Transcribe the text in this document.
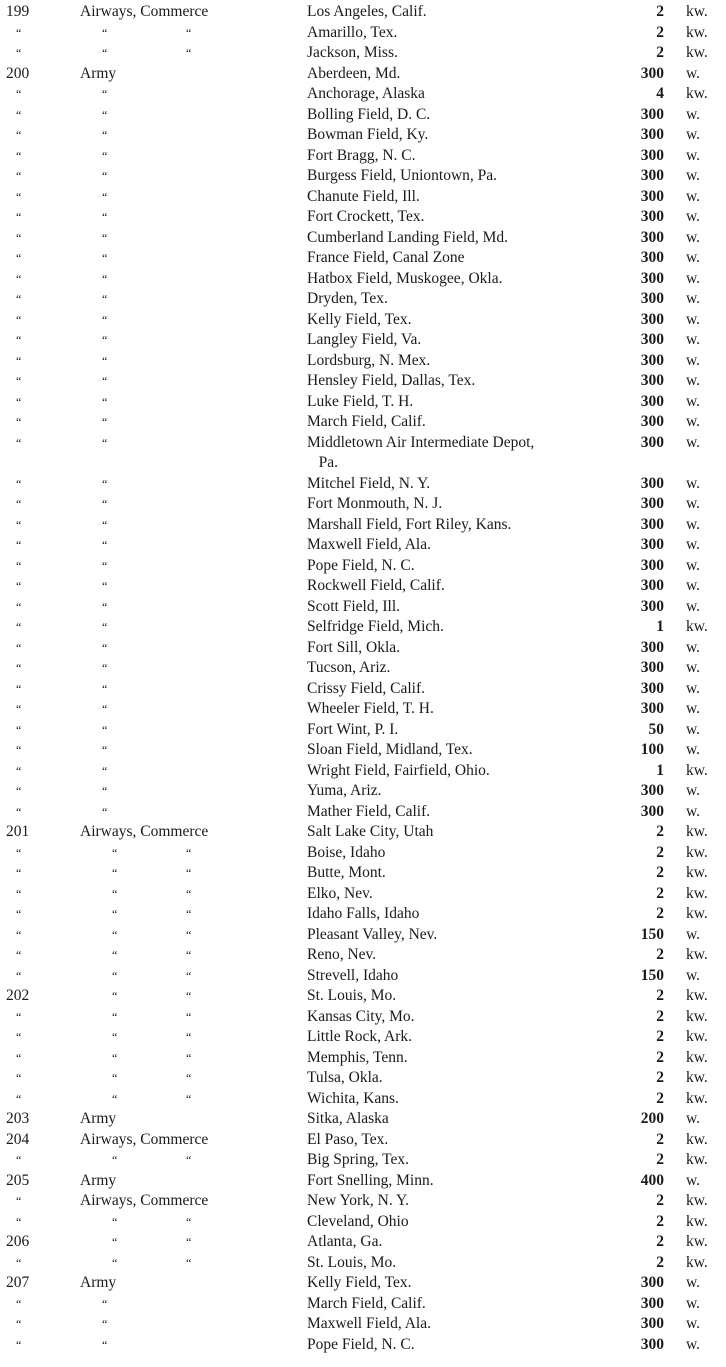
199	Airways, Commerce	Los Angeles, Calif.	2 kw.
“	“	“	Amarillo, Tex.	2 kw.
“	“	“	Jackson, Miss.	2 kw.
200	Army	Aberdeen, Md.	300 w.
“	“	Anchorage, Alaska	4 kw.
“	“	Bolling Field, D. C.	300 w.
“	“	Bowman Field, Ky.	300 w.
“	“	Fort Bragg, N. C.	300 w.
“	“	Burgess Field, Uniontown, Pa.	300 w.
“	“	Chanute Field, Ill.	300 w.
“	“	Fort Crockett, Tex.	300 w.
“	“	Cumberland Landing Field, Md.	300 w.
“	“	France Field, Canal Zone	300 w.
“	“	Hatbox Field, Muskogee, Okla.	300 w.
“	“	Dryden, Tex.	300 w.
“	“	Kelly Field, Tex.	300 w.
“	“	Langley Field, Va.	300 w.
“	“	Lordsburg, N. Mex.	300 w.
“	“	Hensley Field, Dallas, Tex.	300 w.
“	“	Luke Field, T. H.	300 w.
“	“	March Field, Calif.	300 w.
“	“	Middletown Air Intermediate Depot,	300 w.
Pa.
“	“	Mitchel Field, N. Y.	300 w.
“	“	Fort Monmouth, N. J.	300 w.
“	“	Marshall Field, Fort Riley, Kans.	300 w.
“	“	Maxwell Field, Ala.	300 w.
“	“	Pope Field, N. C.	300 w.
“	“	Rockwell Field, Calif.	300 w.
“	“	Scott Field, Ill.	300 w.
“	“	Selfridge Field, Mich.	1 kw.
“	“	Fort Sill, Okla.	300 w.
“	“	Tucson, Ariz.	300 w.
“	“	Crissy Field, Calif.	300 w.
“	“	Wheeler Field, T. H.	300 w.
“	“	Fort Wint, P. I.	50 w.
“	“	Sloan Field, Midland, Tex.	100 w.
“	“	Wright Field, Fairfield, Ohio.	1 kw.
“	“	Yuma, Ariz.	300 w.
“	“	Mather Field, Calif.	300 w.
201	Airways, Commerce	Salt Lake City, Utah	2 kw.
“	“	“	Boise, Idaho	2 kw.
“	“	“	Butte, Mont.	2 kw.
“	“	“	Elko, Nev.	2 kw.
“	“	“	Idaho Falls, Idaho	2 kw.
“	“	“	Pleasant Valley, Nev.	150 w.
“	“	“	Reno, Nev.	2 kw.
“	“	“	Strevell, Idaho	150 w.
202	“	“	St. Louis, Mo.	2 kw.
“	“	“	Kansas City, Mo.	2 kw.
“	“	“	Little Rock, Ark.	2 kw.
“	“	“	Memphis, Tenn.	2 kw.
“	“	“	Tulsa, Okla.	2 kw.
“	“	“	Wichita, Kans.	2 kw.
203	Army	Sitka, Alaska	200 w.
204	Airways, Commerce	El Paso, Tex.	2 kw.
“	“	“	Big Spring, Tex.	2 kw.
205	Army	Fort Snelling, Minn.	400 w.
“	Airways, Commerce	New York, N. Y.	2 kw.
“	“	“	Cleveland, Ohio	2 kw.
206	“	“	Atlanta, Ga.	2 kw.
“	“	“	St. Louis, Mo.	2 kw.
207	Army	Kelly Field, Tex.	300 w.
“	“	March Field, Calif.	300 w.
“	“	Maxwell Field, Ala.	300 w.
“	“	Pope Field, N. C.	300 w.
